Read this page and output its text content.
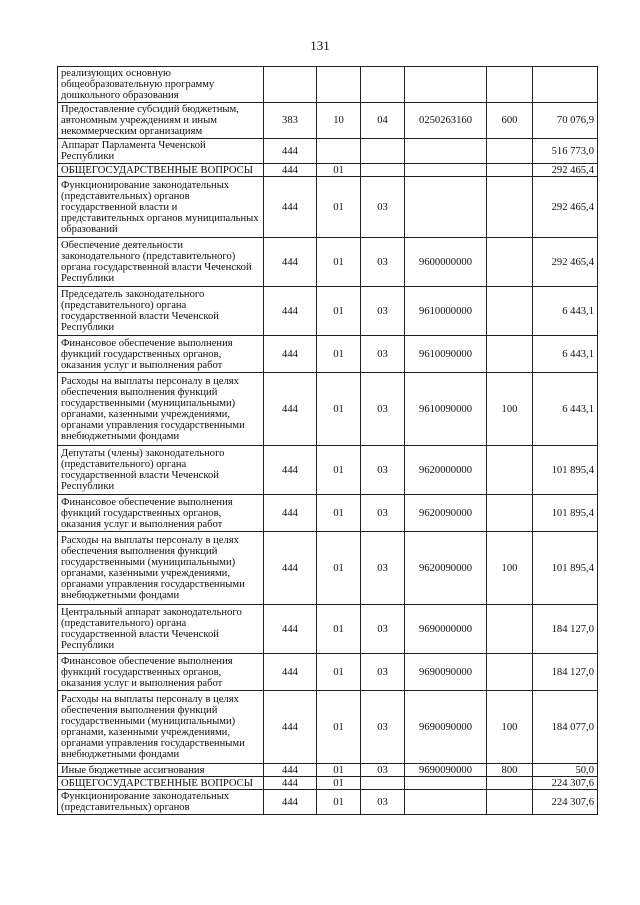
131
реализующих основную общеобразовательную программу дошкольного образования						
Предоставление субсидий бюджетным, автономным учреждениям и иным некоммерческим организациям	383	10	04	0250263160	600	70 076,9
Аппарат Парламента Чеченской Республики	444					516 773,0
ОБЩЕГОСУДАРСТВЕННЫЕ ВОПРОСЫ	444	01				292 465,4
Функционирование законодательных (представительных) органов государственной власти и представительных органов муниципальных образований	444	01	03			292 465,4
Обеспечение деятельности законодательного (представительного) органа государственной власти Чеченской Республики	444	01	03	9600000000		292 465,4
Председатель законодательного (представительного) органа государственной власти Чеченской Республики	444	01	03	9610000000		6 443,1
Финансовое обеспечение выполнения функций государственных органов, оказания услуг и выполнения работ	444	01	03	9610090000		6 443,1
Расходы на выплаты персоналу в целях обеспечения выполнения функций государственными (муниципальными) органами, казенными учреждениями, органами управления государственными внебюджетными фондами	444	01	03	9610090000	100	6 443,1
Депутаты (члены) законодательного (представительного) органа государственной власти Чеченской Республики	444	01	03	9620000000		101 895,4
Финансовое обеспечение выполнения функций государственных органов, оказания услуг и выполнения работ	444	01	03	9620090000		101 895,4
Расходы на выплаты персоналу в целях обеспечения выполнения функций государственными (муниципальными) органами, казенными учреждениями, органами управления государственными внебюджетными фондами	444	01	03	9620090000	100	101 895,4
Центральный аппарат законодательного (представительного) органа государственной власти Чеченской Республики	444	01	03	9690000000		184 127,0
Финансовое обеспечение выполнения функций государственных органов, оказания услуг и выполнения работ	444	01	03	9690090000		184 127,0
Расходы на выплаты персоналу в целях обеспечения выполнения функций государственными (муниципальными) органами, казенными учреждениями, органами управления государственными внебюджетными фондами	444	01	03	9690090000	100	184 077,0
Иные бюджетные ассигнования	444	01	03	9690090000	800	50,0
ОБЩЕГОСУДАРСТВЕННЫЕ ВОПРОСЫ	444	01				224 307,6
Функционирование законодательных (представительных) органов	444	01	03			224 307,6
